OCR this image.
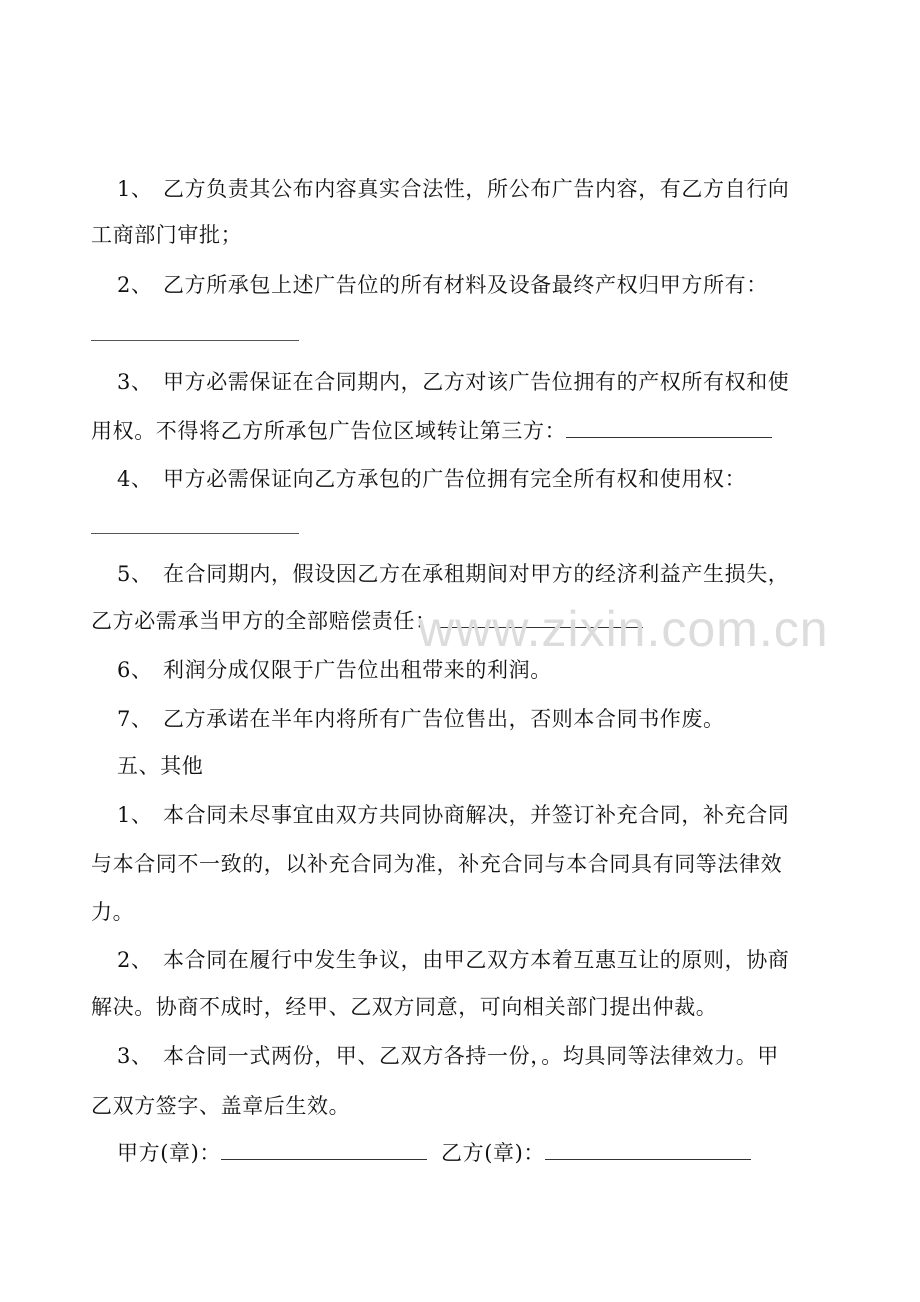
1、 乙方负责其公布内容真实合法性，所公布广告内容，有乙方自行向
工商部门审批；
2、 乙方所承包上述广告位的所有材料及设备最终产权归甲方所有：
3、 甲方必需保证在合同期内，乙方对该广告位拥有的产权所有权和使
用权。不得将乙方所承包广告位区域转让第三方：
4、 甲方必需保证向乙方承包的广告位拥有完全所有权和使用权：
5、 在合同期内，假设因乙方在承租期间对甲方的经济利益产生损失，
乙方必需承当甲方的全部赔偿责任：
6、 利润分成仅限于广告位出租带来的利润。
7、 乙方承诺在半年内将所有广告位售出，否则本合同书作废。
五、其他
1、 本合同未尽事宜由双方共同协商解决，并签订补充合同，补充合同
与本合同不一致的，以补充合同为准，补充合同与本合同具有同等法律效
力。
2、 本合同在履行中发生争议，由甲乙双方本着互惠互让的原则，协商
解决。协商不成时，经甲、乙双方同意，可向相关部门提出仲裁。
3、 本合同一式两份，甲、乙双方各持一份，。均具同等法律效力。甲
乙双方签字、盖章后生效。
甲方(章)：	乙方(章)：
www.zixin.com.cn
